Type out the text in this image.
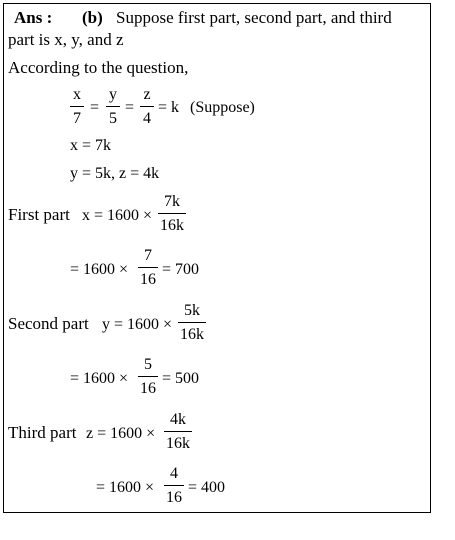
Ans : (b) Suppose first part, second part, and third
part is x, y, and z
According to the question,
x
7
=
y
5
=
z
4
= k (Suppose)
x = 7k
y = 5k, z = 4k
First part x = 1600 ×
7k
16k
= 1600 ×
7
16
= 700
Second part y = 1600 ×
5k
16k
= 1600 ×
5
16
= 500
Third part z = 1600 ×
4k
16k
= 1600 ×
4
16
= 400
